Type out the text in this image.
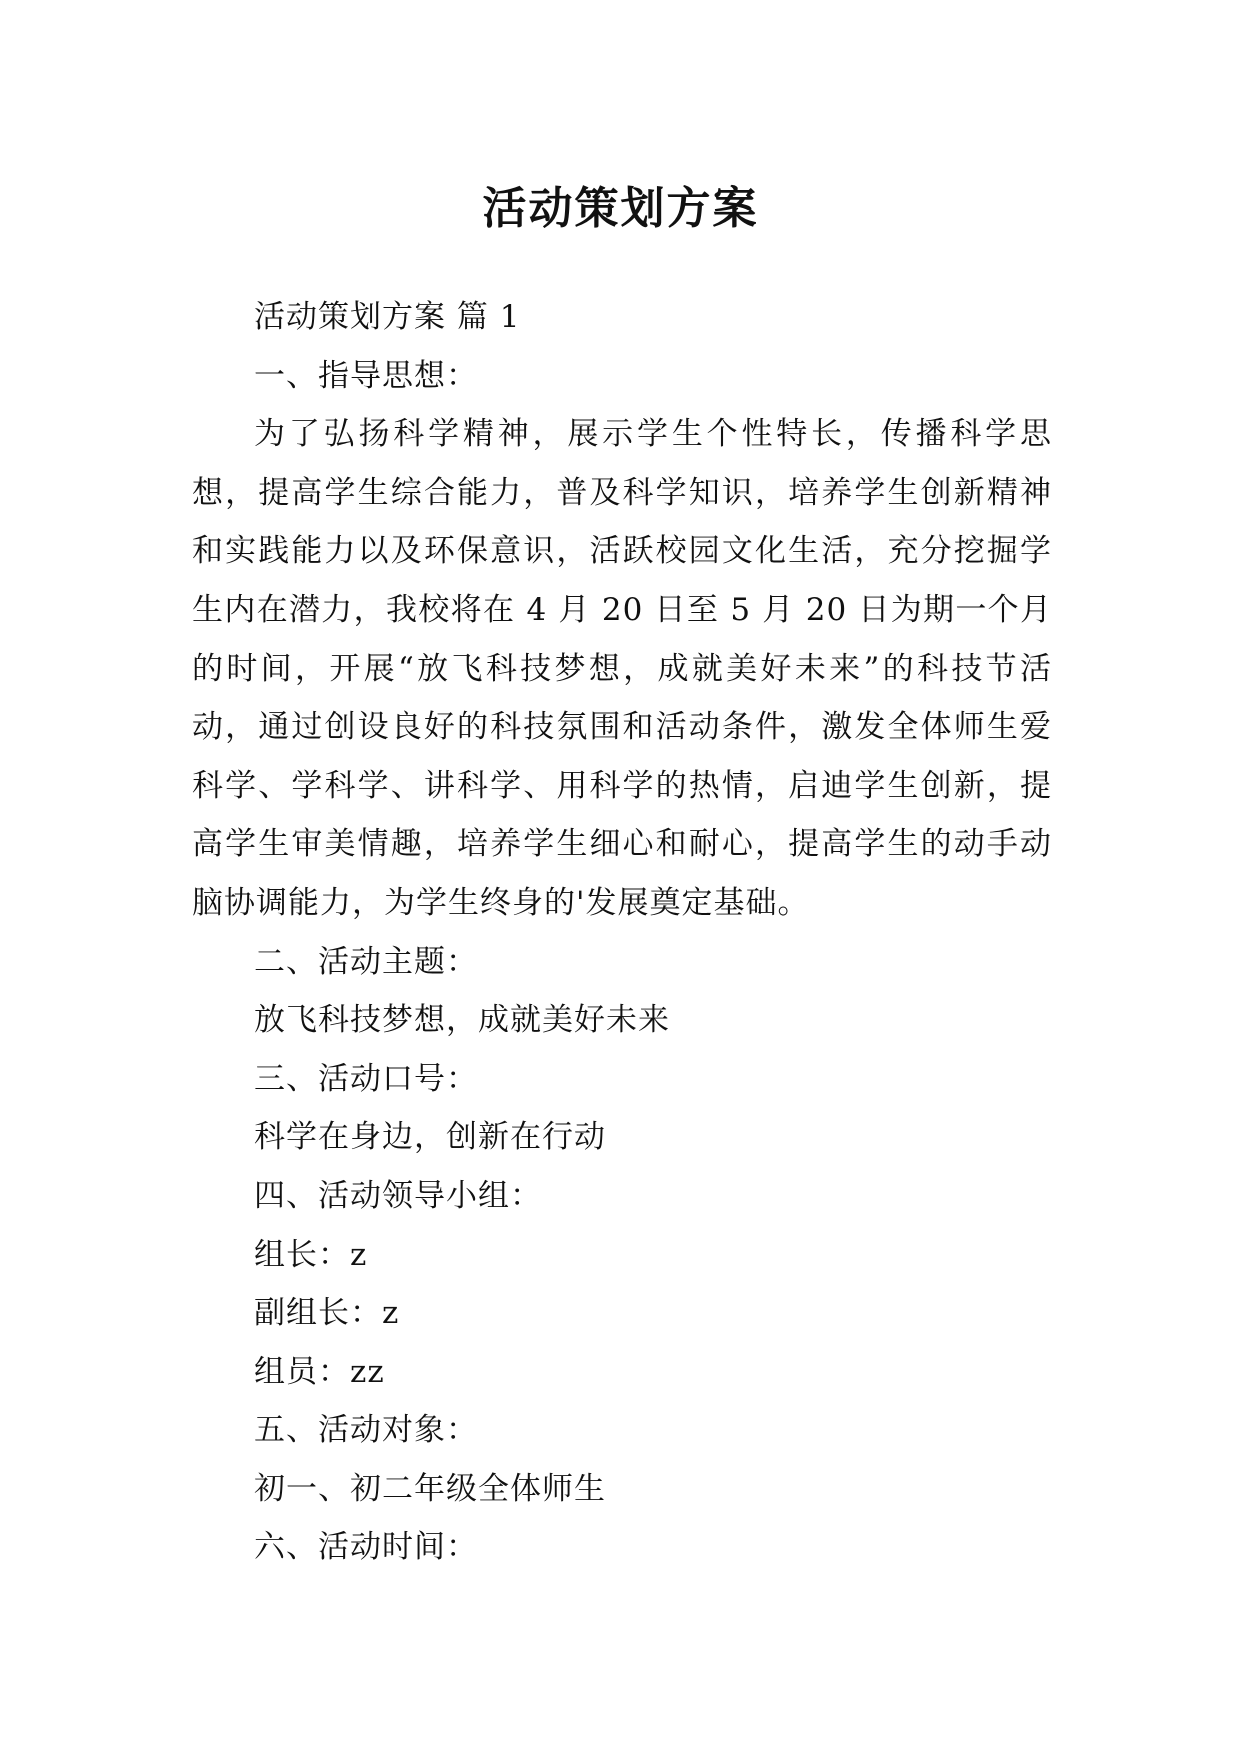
活动策划方案

活动策划方案 篇 1

一、指导思想：

为了弘扬科学精神，展示学生个性特长，传播科学思想，提高学生综合能力，普及科学知识，培养学生创新精神和实践能力以及环保意识，活跃校园文化生活，充分挖掘学生内在潜力，我校将在 4 月 20 日至 5 月 20 日为期一个月的时间，开展“放飞科技梦想，成就美好未来”的科技节活动，通过创设良好的科技氛围和活动条件，激发全体师生爱科学、学科学、讲科学、用科学的热情，启迪学生创新，提高学生审美情趣，培养学生细心和耐心，提高学生的动手动脑协调能力，为学生终身的'发展奠定基础。

二、活动主题：

放飞科技梦想，成就美好未来

三、活动口号：

科学在身边，创新在行动

四、活动领导小组：

组长：z

副组长：z

组员：zz

五、活动对象：

初一、初二年级全体师生

六、活动时间：
